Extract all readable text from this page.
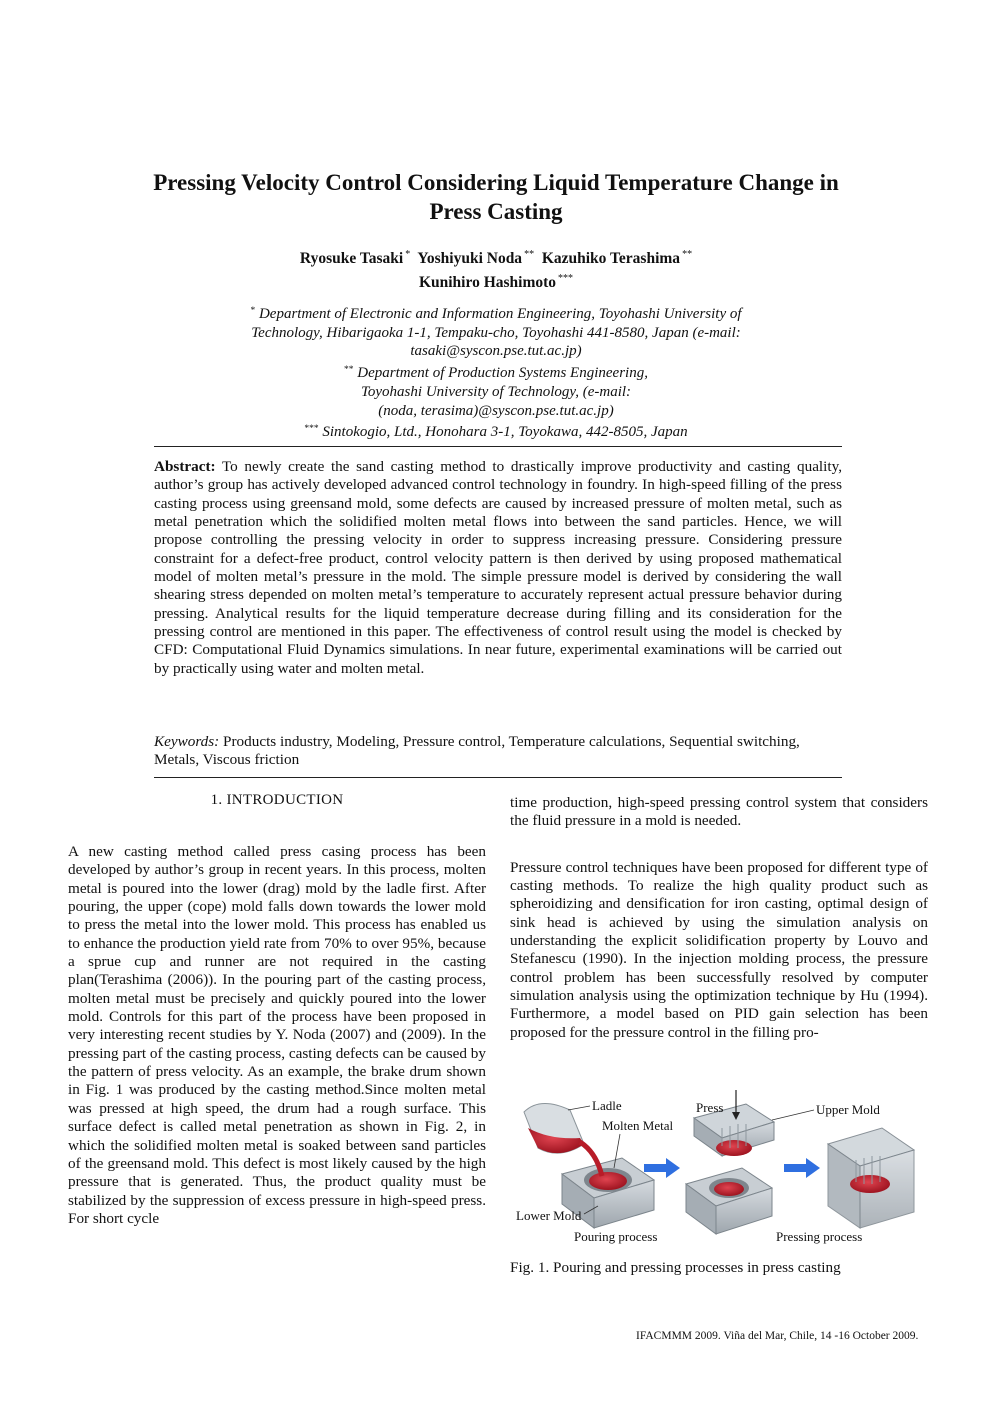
Pressing Velocity Control Considering Liquid Temperature Change in Press Casting
Ryosuke Tasaki * Yoshiyuki Noda ** Kazuhiko Terashima **
Kunihiro Hashimoto ***
* Department of Electronic and Information Engineering, Toyohashi University of Technology, Hibarigaoka 1-1, Tempaku-cho, Toyohashi 441-8580, Japan (e-mail: tasaki@syscon.pse.tut.ac.jp)
** Department of Production Systems Engineering, Toyohashi University of Technology, (e-mail: (noda, terasima)@syscon.pse.tut.ac.jp)
*** Sintokogio, Ltd., Honohara 3-1, Toyokawa, 442-8505, Japan
Abstract: To newly create the sand casting method to drastically improve productivity and casting quality, author’s group has actively developed advanced control technology in foundry. In high-speed filling of the press casting process using greensand mold, some defects are caused by increased pressure of molten metal, such as metal penetration which the solidified molten metal flows into between the sand particles. Hence, we will propose controlling the pressing velocity in order to suppress increasing pressure. Considering pressure constraint for a defect-free product, control velocity pattern is then derived by using proposed mathematical model of molten metal’s pressure in the mold. The simple pressure model is derived by considering the wall shearing stress depended on molten metal’s temperature to accurately represent actual pressure behavior during pressing. Analytical results for the liquid temperature decrease during filling and its consideration for the pressing control are mentioned in this paper. The effectiveness of control result using the model is checked by CFD: Computational Fluid Dynamics simulations. In near future, experimental examinations will be carried out by practically using water and molten metal.
Keywords: Products industry, Modeling, Pressure control, Temperature calculations, Sequential switching, Metals, Viscous friction
1. INTRODUCTION

A new casting method called press casing process has been developed by author’s group in recent years. In this process, molten metal is poured into the lower (drag) mold by the ladle first. After pouring, the upper (cope) mold falls down towards the lower mold to press the metal into the lower mold. This process has enabled us to enhance the production yield rate from 70% to over 95%, because a sprue cup and runner are not required in the casting plan(Terashima (2006)). In the pouring part of the casting process, molten metal must be precisely and quickly poured into the lower mold. Controls for this part of the process have been proposed in very interesting recent studies by Y. Noda (2007) and (2009). In the pressing part of the casting process, casting defects can be caused by the pattern of press velocity. As an example, the brake drum shown in Fig. 1 was produced by the casting method.Since molten metal was pressed at high speed, the drum had a rough surface. This surface defect is called metal penetration as shown in Fig. 2, in which the solidified molten metal is soaked between sand particles of the greensand mold. This defect is most likely caused by the high pressure that is generated. Thus, the product quality must be stabilized by the suppression of excess pressure in high-speed press. For short cycle

time production, high-speed pressing control system that considers the fluid pressure in a mold is needed.

Pressure control techniques have been proposed for different type of casting methods. To realize the high quality product such as spheroidizing and densification for iron casting, optimal design of sink head is achieved by using the simulation analysis on understanding the explicit solidification property by Louvo and Stefanescu (1990). In the injection molding process, the pressure control problem has been successfully resolved by computer simulation analysis using the optimization technique by Hu (1994). Furthermore, a model based on PID gain selection has been proposed for the pressure control in the filling pro-

Ladle
Molten Metal
Press	Upper Mold
Lower Mold
Pouring process	Pressing process
Fig. 1. Pouring and pressing processes in press casting
IFACMMM 2009. Viña del Mar, Chile, 14 -16 October 2009.
